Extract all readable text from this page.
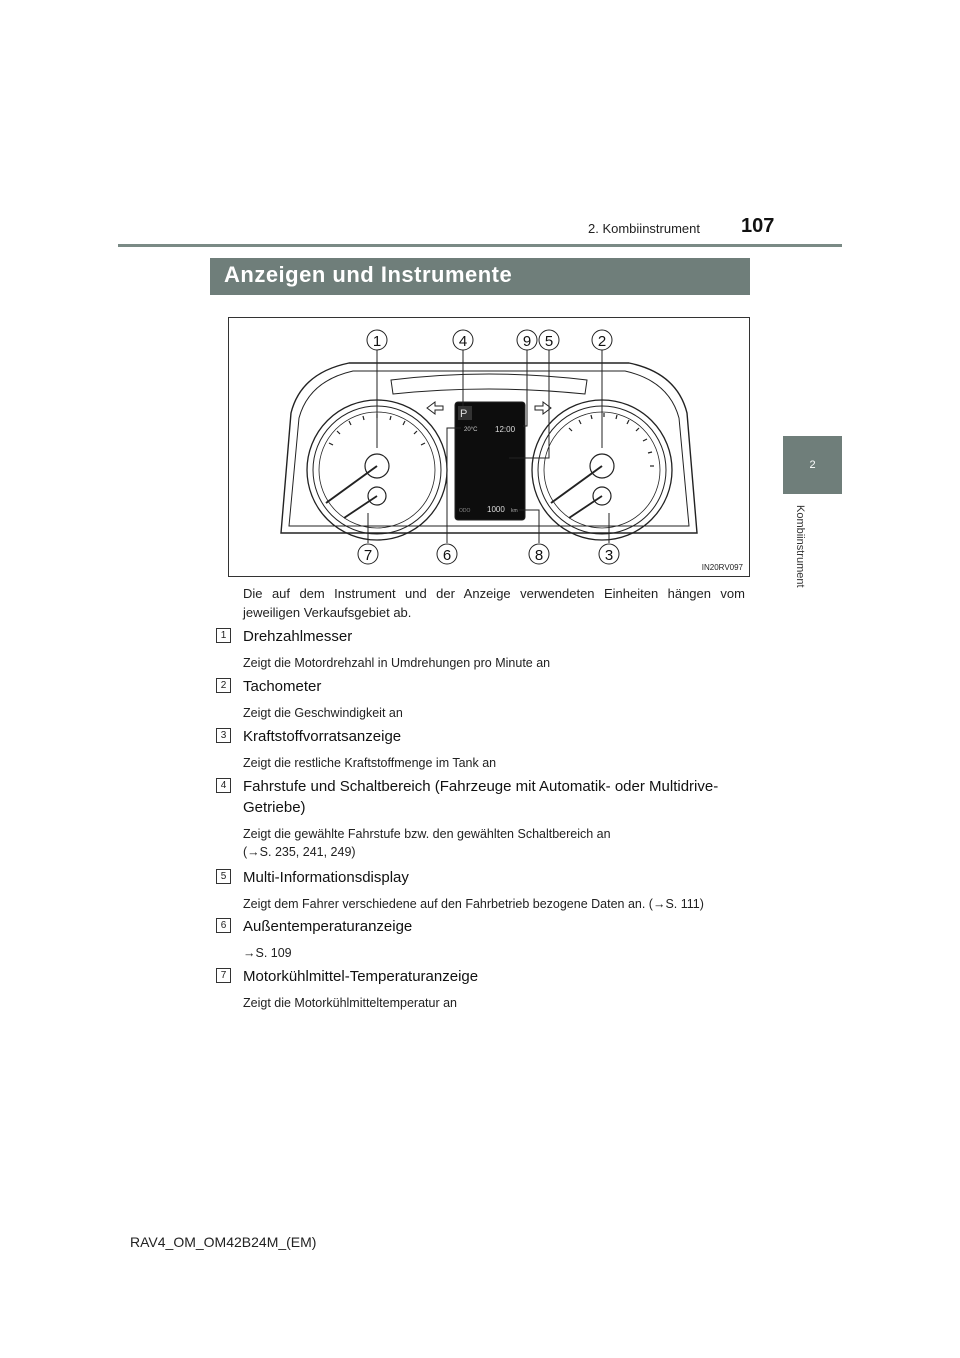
2. Kombiinstrument 107
2
Kombiinstrument
Anzeigen und Instrumente
P
20°C 12:00
ODO 1000 km
1	4	9 5	2
7	6	8	3
IN20RV097
Die auf dem Instrument und der Anzeige verwendeten Einheiten hängen vom jeweiligen Verkaufsgebiet ab.
1	Drehzahlmesser
Zeigt die Motordrehzahl in Umdrehungen pro Minute an
2	Tachometer
Zeigt die Geschwindigkeit an
3	Kraftstoffvorratsanzeige
Zeigt die restliche Kraftstoffmenge im Tank an
4	Fahrstufe und Schaltbereich (Fahrzeuge mit Automatik- oder Multidrive-Getriebe)
Zeigt die gewählte Fahrstufe bzw. den gewählten Schaltbereich an
(→S. 235, 241, 249)
5	Multi-Informationsdisplay
Zeigt dem Fahrer verschiedene auf den Fahrbetrieb bezogene Daten an. (→S. 111)
6	Außentemperaturanzeige
→S. 109
7	Motorkühlmittel-Temperaturanzeige
Zeigt die Motorkühlmitteltemperatur an
RAV4_OM_OM42B24M_(EM)
